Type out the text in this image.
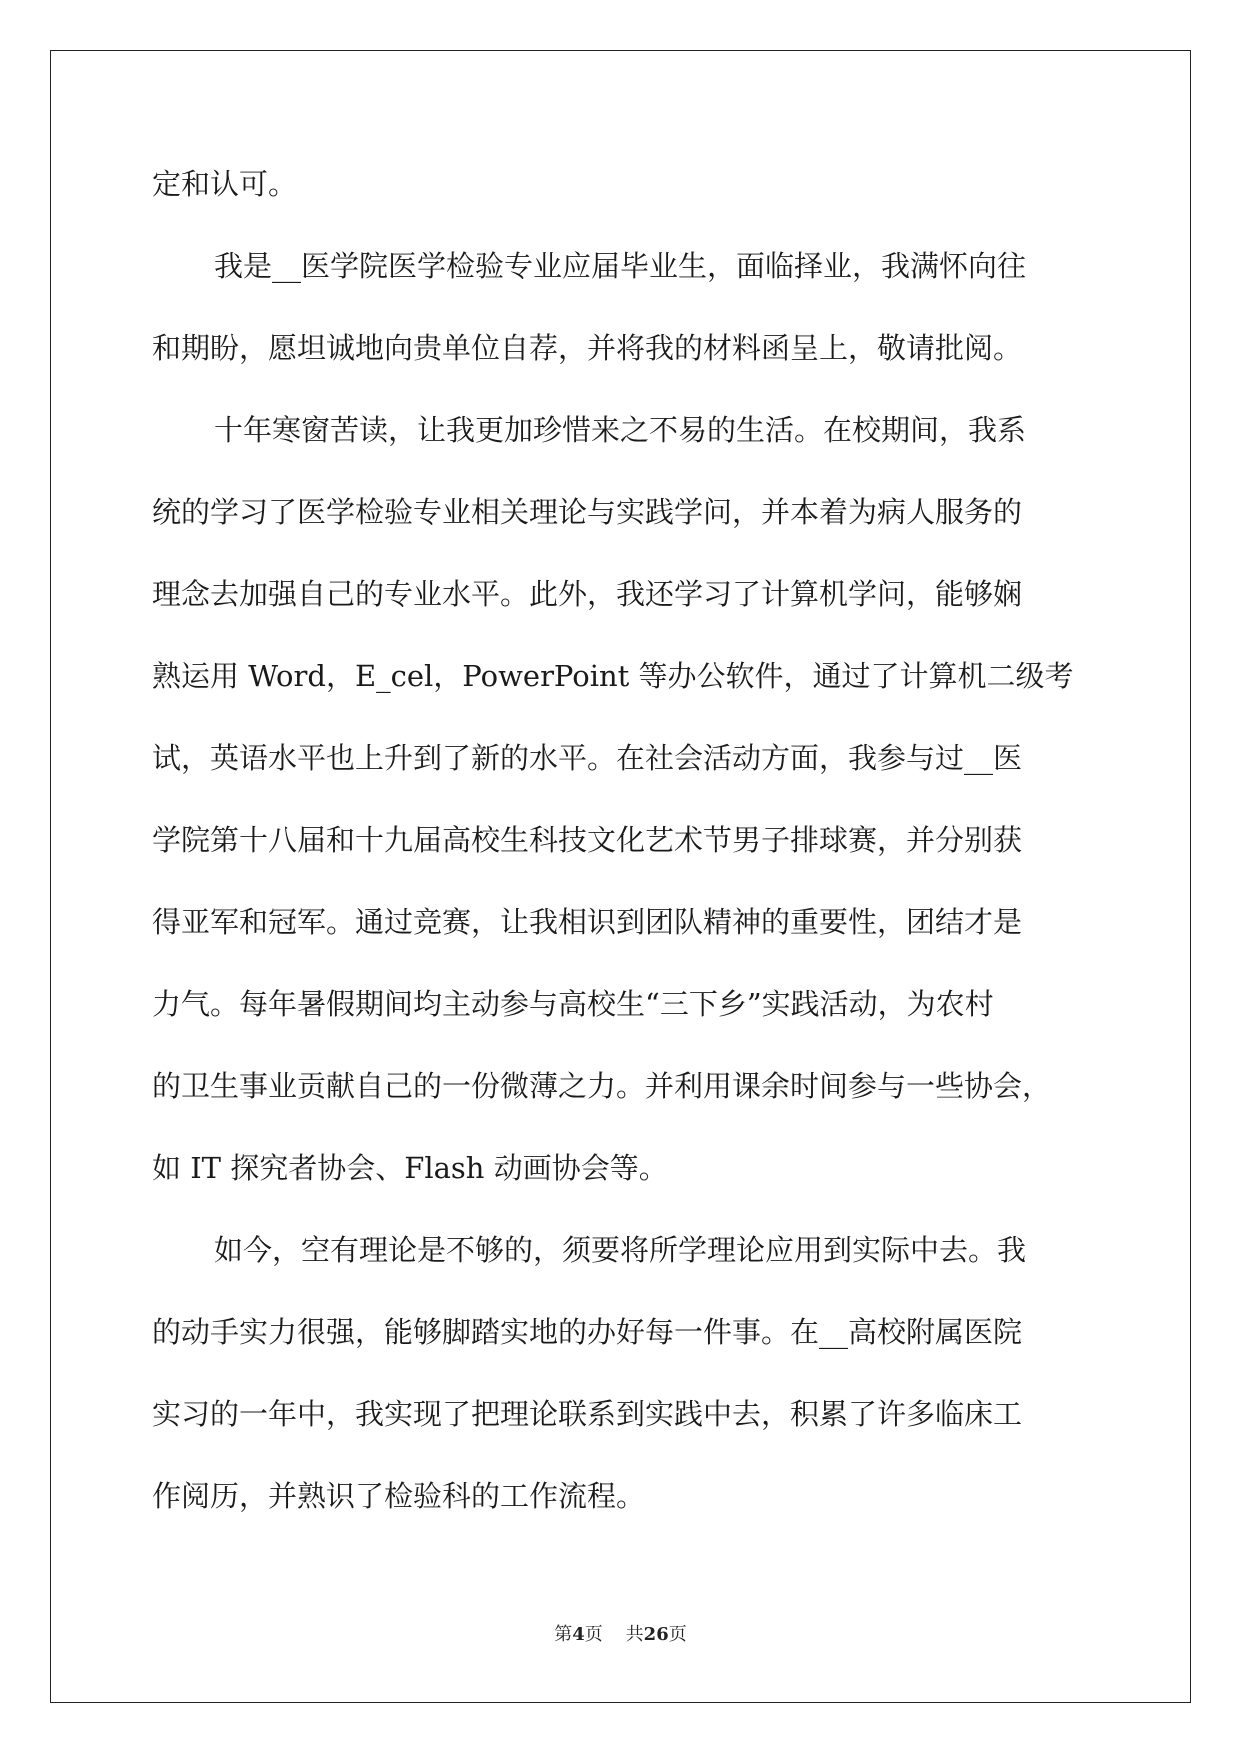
定和认可。
我是__医学院医学检验专业应届毕业生，面临择业，我满怀向往
和期盼，愿坦诚地向贵单位自荐，并将我的材料函呈上，敬请批阅。
十年寒窗苦读，让我更加珍惜来之不易的生活。在校期间，我系
统的学习了医学检验专业相关理论与实践学问，并本着为病人服务的
理念去加强自己的专业水平。此外，我还学习了计算机学问，能够娴
熟运用 Word，E_cel，PowerPoint 等办公软件，通过了计算机二级考
试，英语水平也上升到了新的水平。在社会活动方面，我参与过__医
学院第十八届和十九届高校生科技文化艺术节男子排球赛，并分别获
得亚军和冠军。通过竞赛，让我相识到团队精神的重要性，团结才是
力气。每年暑假期间均主动参与高校生“三下乡”实践活动，为农村
的卫生事业贡献自己的一份微薄之力。并利用课余时间参与一些协会，
如 IT 探究者协会、Flash 动画协会等。
如今，空有理论是不够的，须要将所学理论应用到实际中去。我
的动手实力很强，能够脚踏实地的办好每一件事。在__高校附属医院
实习的一年中，我实现了把理论联系到实践中去，积累了许多临床工
作阅历，并熟识了检验科的工作流程。
第4页 共26页
